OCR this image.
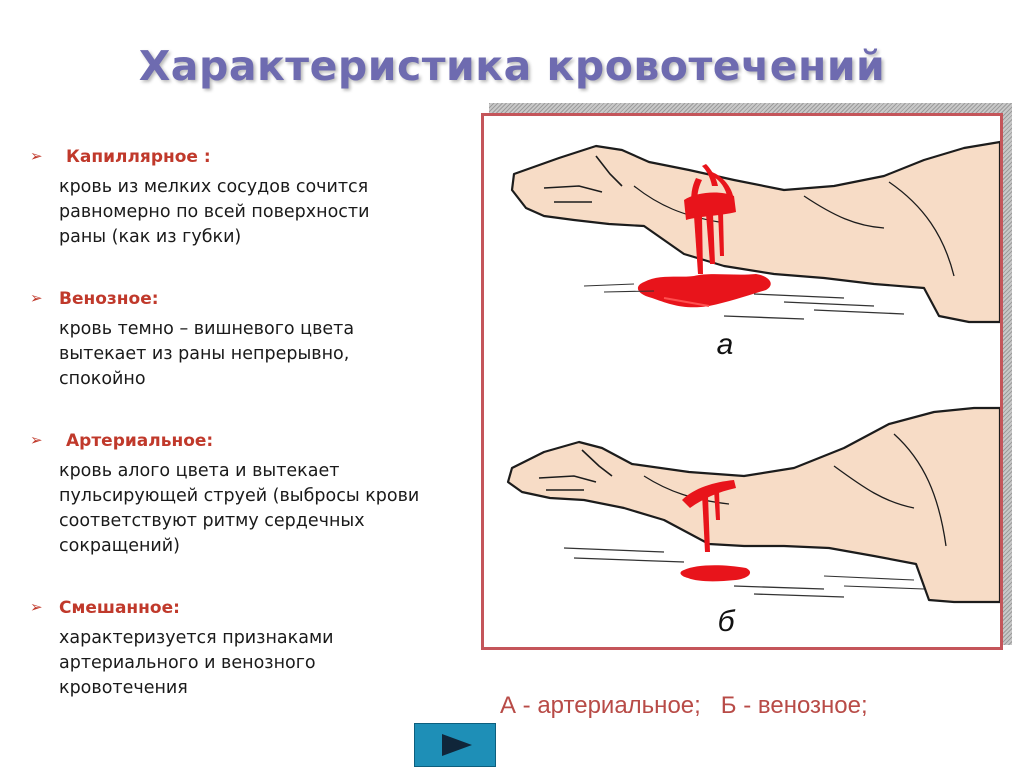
Характеристика кровотечений
➢ Капиллярное :
кровь из мелких сосудов сочится
равномерно по всей поверхности
раны (как из губки)
➢ Венозное:
кровь темно – вишневого цвета
вытекает из раны непрерывно,
спокойно
➢ Артериальное:
кровь алого цвета и вытекает
пульсирующей струей (выбросы крови
соответствуют ритму сердечных
сокращений)
➢ Смешанное:
характеризуется признаками
артериального и венозного
кровотечения
а
б
А - артериальное;   Б - венозное;
